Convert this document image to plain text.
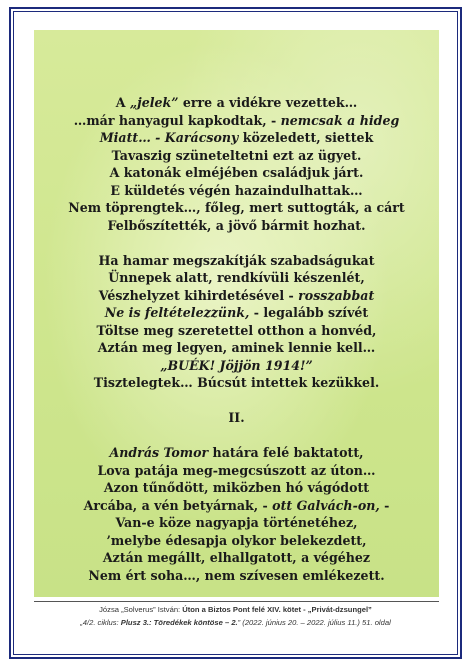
A „jelek” erre a vidékre vezettek…
…már hanyagul kapkodtak, - nemcsak a hideg
Miatt… - Karácsony közeledett, siettek
Tavaszig szüneteltetni ezt az ügyet.
A katonák elméjében családjuk járt.
E küldetés végén hazaindulhattak…
Nem töprengtek…, főleg, mert suttogták, a cárt
Felbőszítették, a jövő bármit hozhat.
Ha hamar megszakítják szabadságukat
Ünnepek alatt, rendkívüli készenlét,
Vészhelyzet kihirdetésével - rosszabbat
Ne is feltételezzünk, - legalább szívét
Töltse meg szeretettel otthon a honvéd,
Aztán meg legyen, aminek lennie kell…
„BUÉK! Jöjjön 1914!”
Tisztelegtek… Búcsút intettek kezükkel.
II.
András Tomor határa felé baktatott,
Lova patája meg-megcsúszott az úton…
Azon tűnődött, miközben hó vágódott
Arcába, a vén betyárnak, - ott Galvách-on, -
Van-e köze nagyapja történetéhez,
’melybe édesapja olykor belekezdett,
Aztán megállt, elhallgatott, a végéhez
Nem ért soha…, nem szívesen emlékezett.
Józsa „Solverus” István: Úton a Biztos Pont felé XIV. kötet - „Privát-dzsungel”
„4/2. ciklus: Plusz 3.: Töredékek köntöse – 2.” (2022. június 20. – 2022. július 11.) 51. oldal
